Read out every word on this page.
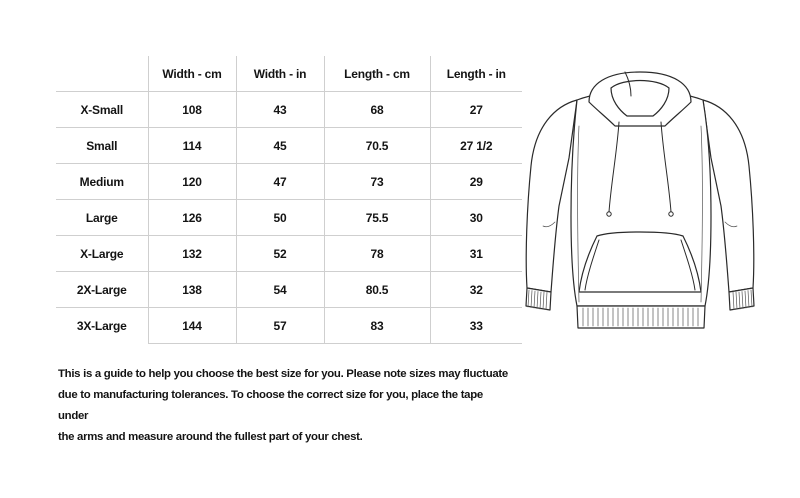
	Width - cm	Width - in	Length - cm	Length - in
X-Small	108	43	68	27
Small	114	45	70.5	27 1/2
Medium	120	47	73	29
Large	126	50	75.5	30
X-Large	132	52	78	31
2X-Large	138	54	80.5	32
3X-Large	144	57	83	33

This is a guide to help you choose the best size for you. Please note sizes may fluctuate
due to manufacturing tolerances. To choose the correct size for you, place the tape under
the arms and measure around the fullest part of your chest.
